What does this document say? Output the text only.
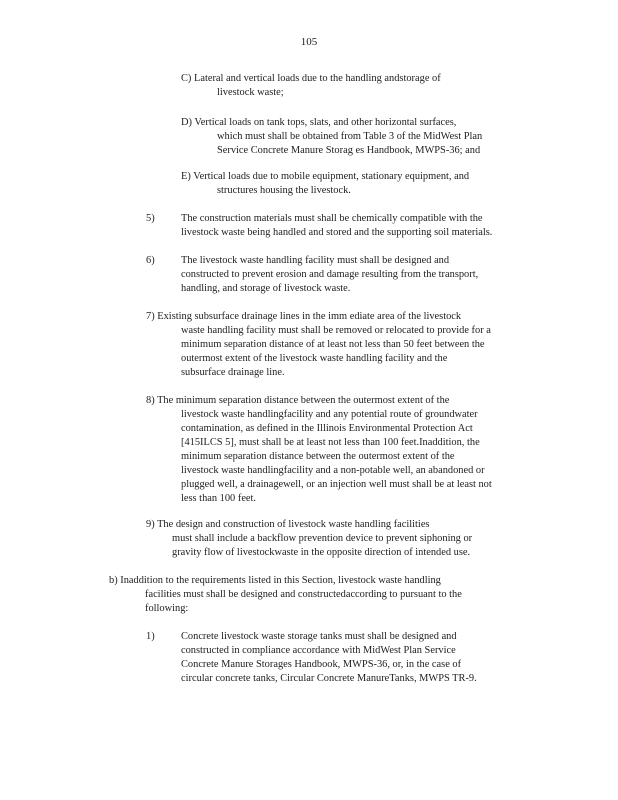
105
C) Lateral and vertical loads due to the handling andstorage of
livestock waste;
D) Vertical loads on tank tops, slats, and other horizontal surfaces,
which must shall be obtained from Table 3 of the MidWest Plan
Service Concrete Manure Storag es Handbook, MWPS-36; and
E) Vertical loads due to mobile equipment, stationary equipment, and
structures housing the livestock.
5)	The construction materials must shall be chemically compatible with the
livestock waste being handled and stored and the supporting soil materials.
6)	The livestock waste handling facility must shall be designed and
constructed to prevent erosion and damage resulting from the transport,
handling, and storage of livestock waste.
7) Existing subsurface drainage lines in the imm ediate area of the livestock
waste handling facility must shall be removed or relocated to provide for a
minimum separation distance of at least not less than 50 feet between the
outermost extent of the livestock waste handling facility and the
subsurface drainage line.
8) The minimum separation distance between the outermost extent of the
livestock waste handlingfacility and any potential route of groundwater
contamination, as defined in the Illinois Environmental Protection Act
[415ILCS 5], must shall be at least not less than 100 feet.Inaddition, the
minimum separation distance between the outermost extent of the
livestock waste handlingfacility and a non-potable well, an abandoned or
plugged well, a drainagewell, or an injection well must shall be at least not
less than 100 feet.
9) The design and construction of livestock waste handling facilities
must shall include a backflow prevention device to prevent siphoning or
gravity flow of livestockwaste in the opposite direction of intended use.
b) Inaddition to the requirements listed in this Section, livestock waste handling
facilities must shall be designed and constructedaccording to pursuant to the
following:
1)	Concrete livestock waste storage tanks must shall be designed and
constructed in compliance accordance with MidWest Plan Service
Concrete Manure Storages Handbook, MWPS-36, or, in the case of
circular concrete tanks, Circular Concrete ManureTanks, MWPS TR-9.
